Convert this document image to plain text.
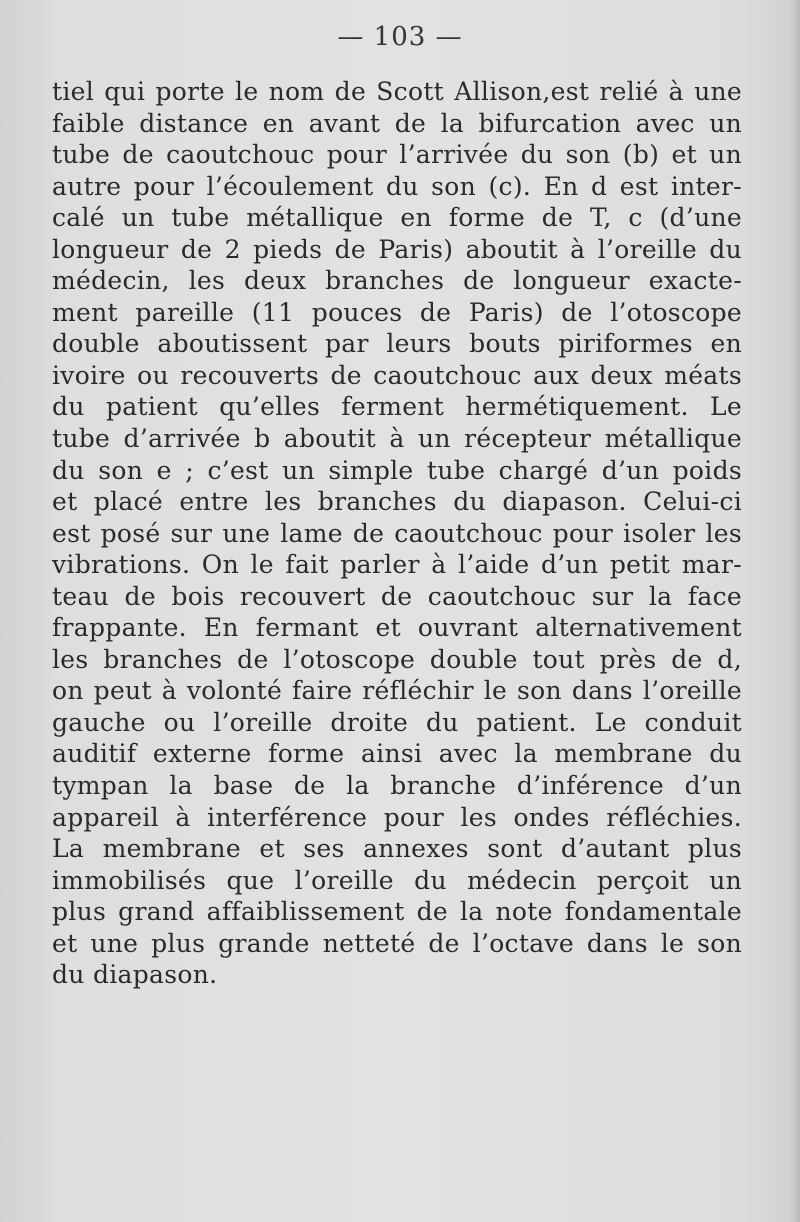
— 103 —
tiel qui porte le nom de Scott Allison,est relié à une
faible distance en avant de la bifurcation avec un
tube de caoutchouc pour l’arrivée du son (b) et un
autre pour l’écoulement du son (c). En d est inter-
calé un tube métallique en forme de T, c (d’une
longueur de 2 pieds de Paris) aboutit à l’oreille du
médecin, les deux branches de longueur exacte-
ment pareille (11 pouces de Paris) de l’otoscope
double aboutissent par leurs bouts piriformes en
ivoire ou recouverts de caoutchouc aux deux méats
du patient qu’elles ferment hermétiquement. Le
tube d’arrivée b aboutit à un récepteur métallique
du son e ; c’est un simple tube chargé d’un poids
et placé entre les branches du diapason. Celui-ci
est posé sur une lame de caoutchouc pour isoler les
vibrations. On le fait parler à l’aide d’un petit mar-
teau de bois recouvert de caoutchouc sur la face
frappante. En fermant et ouvrant alternativement
les branches de l’otoscope double tout près de d,
on peut à volonté faire réfléchir le son dans l’oreille
gauche ou l’oreille droite du patient. Le conduit
auditif externe forme ainsi avec la membrane du
tympan la base de la branche d’inférence d’un
appareil à interférence pour les ondes réfléchies.
La membrane et ses annexes sont d’autant plus
immobilisés que l’oreille du médecin perçoit un
plus grand affaiblissement de la note fondamentale
et une plus grande netteté de l’octave dans le son
du diapason.
